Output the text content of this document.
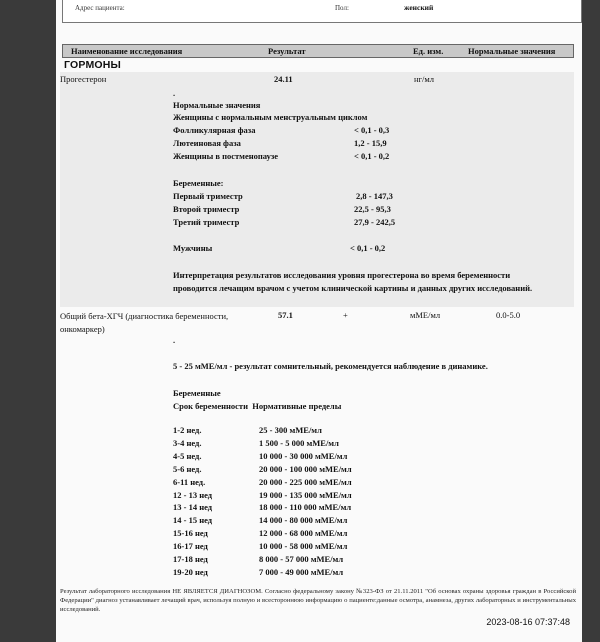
Адрес пациента:	Пол:	женский
Наименование исследования	Результат	Ед. изм.	Нормальные значения
ГОРМОНЫ
Прогестерон	24.11	нг/мл
.
Нормальные значения
Женщины с нормальным менструальным циклом
Фолликулярная фаза	< 0,1 - 0,3
Лютеиновая фаза	1,2 - 15,9
Женщины в постменопаузе	< 0,1 - 0,2
Беременные:
Первый триместр	2,8 - 147,3
Второй триместр	22,5 - 95,3
Третий триместр	27,9 - 242,5
Мужчины	< 0,1 - 0,2
Интерпретация результатов исследования уровня прогестерона во время беременности проводится лечащим врачом с учетом клинической картины и данных других исследований.
Общий бета-ХГЧ (диагностика беременности, онкомаркер)
57.1	+	мМЕ/мл	0.0-5.0
.
5 - 25 мМЕ/мл - результат сомнительный, рекомендуется наблюдение в динамике.
Беременные
Срок беременности  Нормативные пределы
1-2 нед.	25 - 300 мМЕ/мл
3-4 нед.	1 500 - 5 000 мМЕ/мл
4-5 нед.	10 000 - 30 000 мМЕ/мл
5-6 нед.	20 000 - 100 000 мМЕ/мл
6-11 нед.	20 000 - 225 000 мМЕ/мл
12 - 13 нед	19 000 - 135 000 мМЕ/мл
13 - 14 нед	18 000 - 110 000 мМЕ/мл
14 - 15 нед	14 000 - 80 000 мМЕ/мл
15-16 нед	12 000 - 68 000 мМЕ/мл
16-17 нед	10 000 - 58 000 мМЕ/мл
17-18 нед	8 000 - 57 000 мМЕ/мл
19-20 нед	7 000 - 49 000 мМЕ/мл
Результат лабораторного исследования НЕ ЯВЛЯЕТСЯ ДИАГНОЗОМ. Согласно федеральному закону №323-ФЗ от 21.11.2011 "Об основах охраны здоровья граждан в Российской Федерации" диагноз устанавливает лечащий врач, используя полную и всестороннюю информацию о пациенте:данные осмотра, анамнеза, других лабораторных и инструментальных исследований.
2023-08-16 07:37:48
